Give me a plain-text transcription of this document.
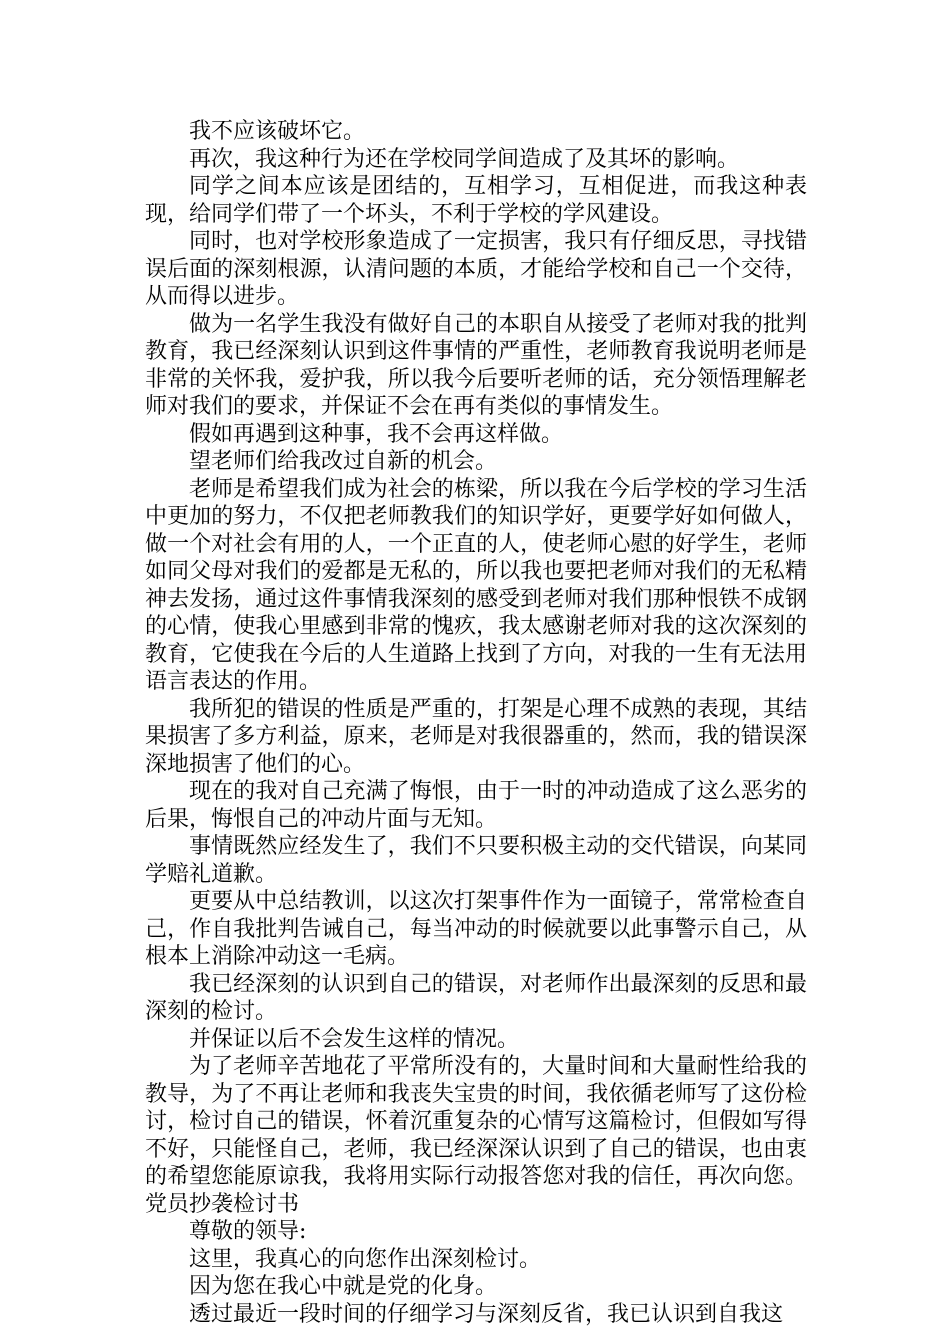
我不应该破坏它。

再次，我这种行为还在学校同学间造成了及其坏的影响。

同学之间本应该是团结的，互相学习，互相促进，而我这种表现，给同学们带了一个坏头，不利于学校的学风建设。

同时，也对学校形象造成了一定损害，我只有仔细反思，寻找错误后面的深刻根源，认清问题的本质，才能给学校和自己一个交待，从而得以进步。

做为一名学生我没有做好自己的本职自从接受了老师对我的批判教育，我已经深刻认识到这件事情的严重性，老师教育我说明老师是非常的关怀我，爱护我，所以我今后要听老师的话，充分领悟理解老师对我们的要求，并保证不会在再有类似的事情发生。

假如再遇到这种事，我不会再这样做。

望老师们给我改过自新的机会。

老师是希望我们成为社会的栋梁，所以我在今后学校的学习生活中更加的努力，不仅把老师教我们的知识学好，更要学好如何做人，做一个对社会有用的人，一个正直的人，使老师心慰的好学生，老师如同父母对我们的爱都是无私的，所以我也要把老师对我们的无私精神去发扬，通过这件事情我深刻的感受到老师对我们那种恨铁不成钢的心情，使我心里感到非常的愧疚，我太感谢老师对我的这次深刻的教育，它使我在今后的人生道路上找到了方向，对我的一生有无法用语言表达的作用。

我所犯的错误的性质是严重的，打架是心理不成熟的表现，其结果损害了多方利益，原来，老师是对我很器重的，然而，我的错误深深地损害了他们的心。

现在的我对自己充满了悔恨，由于一时的冲动造成了这么恶劣的后果，悔恨自己的冲动片面与无知。

事情既然应经发生了，我们不只要积极主动的交代错误，向某同学赔礼道歉。

更要从中总结教训，以这次打架事件作为一面镜子，常常检查自己，作自我批判告诫自己，每当冲动的时候就要以此事警示自己，从根本上消除冲动这一毛病。

我已经深刻的认识到自己的错误，对老师作出最深刻的反思和最深刻的检讨。

并保证以后不会发生这样的情况。

为了老师辛苦地花了平常所没有的，大量时间和大量耐性给我的教导，为了不再让老师和我丧失宝贵的时间，我依循老师写了这份检讨，检讨自己的错误，怀着沉重复杂的心情写这篇检讨，但假如写得不好，只能怪自己，老师，我已经深深认识到了自己的错误，也由衷的希望您能原谅我，我将用实际行动报答您对我的信任，再次向您。党员抄袭检讨书

尊敬的领导:

这里，我真心的向您作出深刻检讨。

因为您在我心中就是党的化身。

透过最近一段时间的仔细学习与深刻反省，我已认识到自我这
